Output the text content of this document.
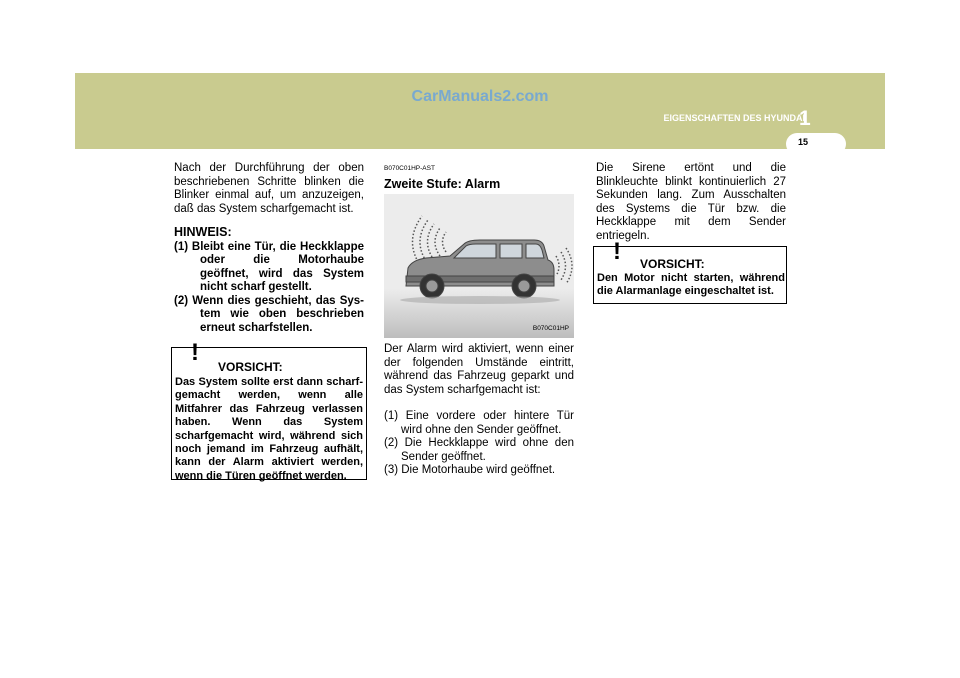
CarManuals2.com
EIGENSCHAFTEN DES HYUNDAI
1
15

Nach der Durchführung der oben beschriebenen Schritte blinken die Blinker einmal auf, um anzuzeigen, daß das System scharfgemacht ist.

HINWEIS:
(1) Bleibt eine Tür, die Heckklappe oder die Motorhaube geöffnet, wird das System nicht scharf gestellt.
(2) Wenn dies geschieht, das Sys-tem wie oben beschrieben erneut scharfstellen.
!
VORSICHT:
Das System sollte erst dann scharf-gemacht werden, wenn alle Mitfahrer das Fahrzeug verlassen haben. Wenn das System scharfgemacht wird, während sich noch jemand im Fahrzeug aufhält, kann der Alarm aktiviert werden, wenn die Türen geöffnet werden.
B070C01HP-AST
Zweite Stufe: Alarm
B070C01HP

Der Alarm wird aktiviert, wenn einer der folgenden Umstände eintritt, während das Fahrzeug geparkt und das System scharfgemacht ist:

(1) Eine vordere oder hintere Tür wird ohne den Sender geöffnet.
(2) Die Heckklappe wird ohne den Sender geöffnet.
(3) Die Motorhaube wird geöffnet.

Die Sirene ertönt und die Blinkleuchte blinkt kontinuierlich 27 Sekunden lang. Zum Ausschalten des Systems die Tür bzw. die Heckklappe mit dem Sender entriegeln.

! VORSICHT:
Den Motor nicht starten, während die Alarmanlage eingeschaltet ist.
